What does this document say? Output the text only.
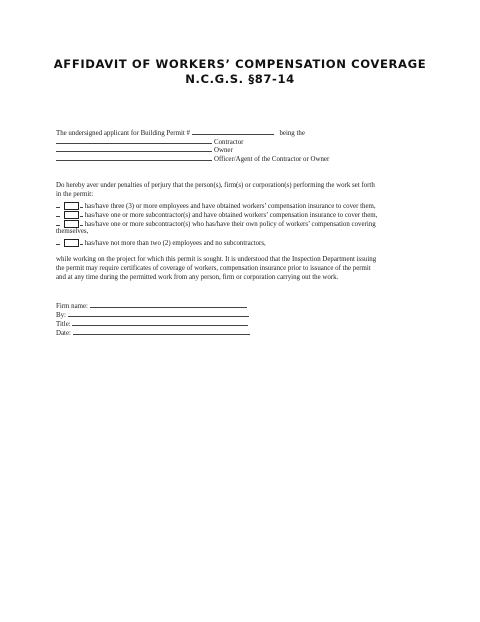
AFFIDAVIT OF WORKERS’ COMPENSATION COVERAGE
N.C.G.S. §87-14
The undersigned applicant for Building Permit #	being the
Contractor
Owner
Officer/Agent of the Contractor or Owner
Do hereby aver under penalties of perjury that the person(s), firm(s) or corporation(s) performing the work set forth
in the permit:
has/have three (3) or more employees and have obtained workers’ compensation insurance to cover them,
has/have one or more subcontractor(s) and have obtained workers’ compensation insurance to cover them,
has/have one or more subcontractor(s) who has/have their own policy of workers’ compensation covering
themselves,
has/have not more than two (2) employees and no subcontractors,
while working on the project for which this permit is sought. It is understood that the Inspection Department issuing
the permit may require certificates of coverage of workers, compensation insurance prior to issuance of the permit
and at any time during the permitted work from any person, firm or corporation carrying out the work.
Firm name:
By:
Title:
Date:
